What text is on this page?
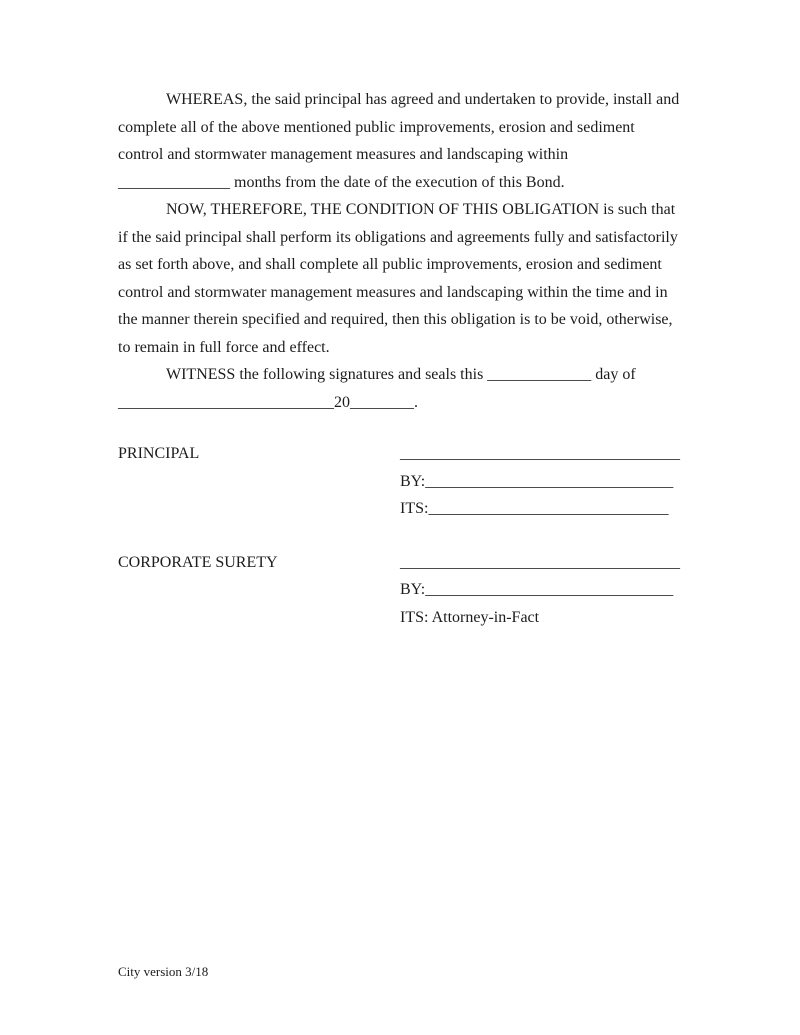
WHEREAS, the said principal has agreed and undertaken to provide, install and complete all of the above mentioned public improvements, erosion and sediment control and stormwater management measures and landscaping within ______________ months from the date of the execution of this Bond.

NOW, THEREFORE, THE CONDITION OF THIS OBLIGATION is such that if the said principal shall perform its obligations and agreements fully and satisfactorily as set forth above, and shall complete all public improvements, erosion and sediment control and stormwater management measures and landscaping within the time and in the manner therein specified and required, then this obligation is to be void, otherwise, to remain in full force and effect.

WITNESS the following signatures and seals this _____________ day of ___________________________20________.

PRINCIPAL	___________________________________
BY:_______________________________
ITS:______________________________
CORPORATE SURETY	___________________________________
BY:_______________________________
ITS: Attorney-in-Fact
City version 3/18
